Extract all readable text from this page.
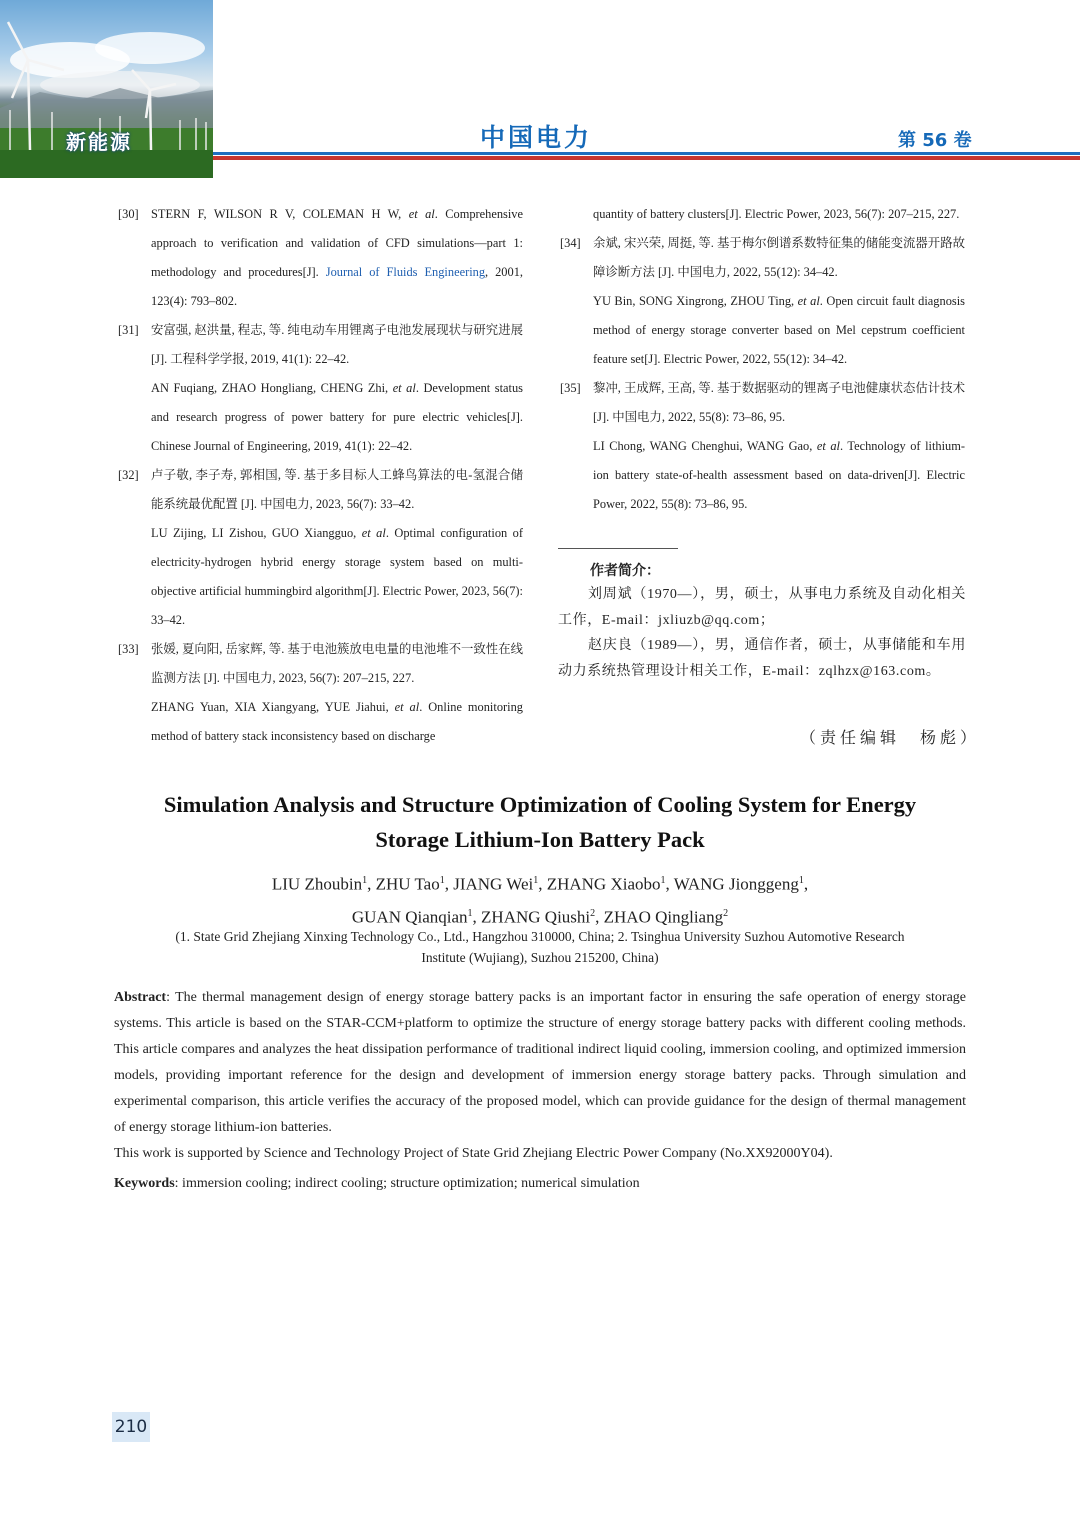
新能源	中国电力	第 56 卷
[30] STERN F, WILSON R V, COLEMAN H W, et al. Comprehensive approach to verification and validation of CFD simulations—part 1: methodology and procedures[J]. Journal of Fluids Engineering, 2001, 123(4): 793–802.

[31] 安富强, 赵洪量, 程志, 等. 纯电动车用锂离子电池发展现状与研究进展 [J]. 工程科学学报, 2019, 41(1): 22–42.

AN Fuqiang, ZHAO Hongliang, CHENG Zhi, et al. Development status and research progress of power battery for pure electric vehicles[J]. Chinese Journal of Engineering, 2019, 41(1): 22–42.

[32] 卢子敬, 李子寿, 郭相国, 等. 基于多目标人工蜂鸟算法的电-氢混合储能系统最优配置 [J]. 中国电力, 2023, 56(7): 33–42.

LU Zijing, LI Zishou, GUO Xiangguo, et al. Optimal configuration of electricity-hydrogen hybrid energy storage system based on multi-objective artificial hummingbird algorithm[J]. Electric Power, 2023, 56(7): 33–42.

[33] 张媛, 夏向阳, 岳家辉, 等. 基于电池簇放电电量的电池堆不一致性在线监测方法 [J]. 中国电力, 2023, 56(7): 207–215, 227.

ZHANG Yuan, XIA Xiangyang, YUE Jiahui, et al. Online monitoring method of battery stack inconsistency based on discharge

quantity of battery clusters[J]. Electric Power, 2023, 56(7): 207–215, 227.

[34] 余斌, 宋兴荣, 周挺, 等. 基于梅尔倒谱系数特征集的储能变流器开路故障诊断方法 [J]. 中国电力, 2022, 55(12): 34–42.

YU Bin, SONG Xingrong, ZHOU Ting, et al. Open circuit fault diagnosis method of energy storage converter based on Mel cepstrum coefficient feature set[J]. Electric Power, 2022, 55(12): 34–42.

[35] 黎冲, 王成辉, 王高, 等. 基于数据驱动的锂离子电池健康状态估计技术 [J]. 中国电力, 2022, 55(8): 73–86, 95.

LI Chong, WANG Chenghui, WANG Gao, et al. Technology of lithium-ion battery state-of-health assessment based on data-driven[J]. Electric Power, 2022, 55(8): 73–86, 95.

作者简介：

刘周斌（1970—），男，硕士，从事电力系统及自动化相关工作，E-mail：jxliuzb@qq.com；

赵庆良（1989—），男，通信作者，硕士，从事储能和车用动力系统热管理设计相关工作，E-mail：zqlhzx@163.com。

（责任编辑　杨彪）
Simulation Analysis and Structure Optimization of Cooling System for Energy
Storage Lithium-Ion Battery Pack
LIU Zhoubin$^1$, ZHU Tao$^1$, JIANG Wei$^1$, ZHANG Xiaobo$^1$, WANG Jionggeng$^1$,
GUAN Qianqian$^1$, ZHANG Qiushi$^2$, ZHAO Qingliang$^2$
(1. State Grid Zhejiang Xinxing Technology Co., Ltd., Hangzhou 310000, China; 2. Tsinghua University Suzhou Automotive Research
Institute (Wujiang), Suzhou 215200, China)

Abstract: The thermal management design of energy storage battery packs is an important factor in ensuring the safe operation of energy storage systems. This article is based on the STAR-CCM+platform to optimize the structure of energy storage battery packs with different cooling methods. This article compares and analyzes the heat dissipation performance of traditional indirect liquid cooling, immersion cooling, and optimized immersion models, providing important reference for the design and development of immersion energy storage battery packs. Through simulation and experimental comparison, this article verifies the accuracy of the proposed model, which can provide guidance for the design of thermal management of energy storage lithium-ion batteries.

This work is supported by Science and Technology Project of State Grid Zhejiang Electric Power Company (No.XX92000Y04).

Keywords: immersion cooling; indirect cooling; structure optimization; numerical simulation

210
